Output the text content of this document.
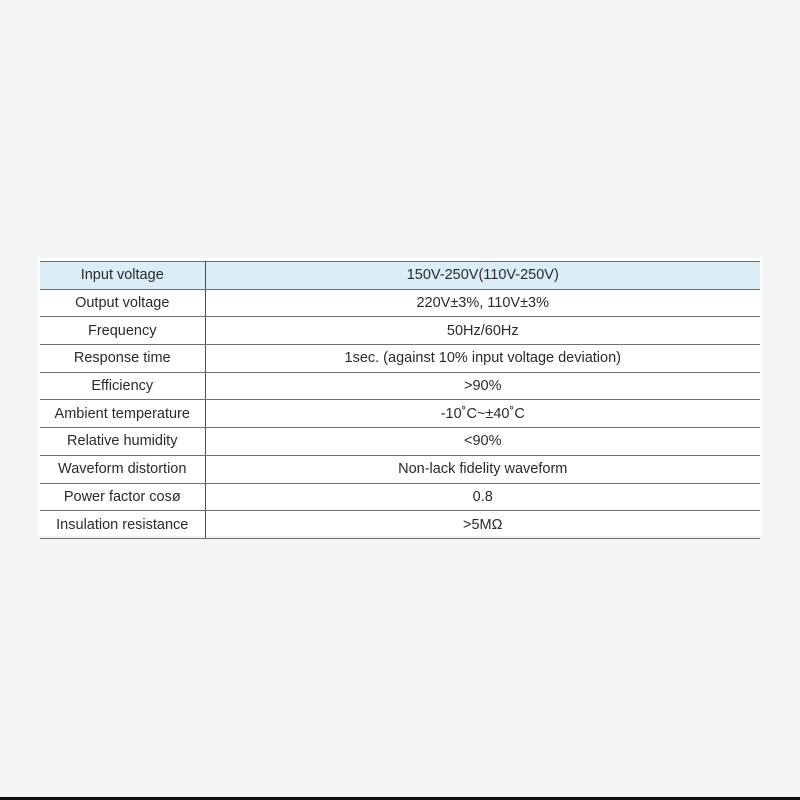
Input voltage	150V-250V(110V-250V)
Output voltage	220V±3%, 110V±3%
Frequency	50Hz/60Hz
Response time	1sec. (against 10% input voltage deviation)
Efficiency	>90%
Ambient temperature	-10˚C~±40˚C
Relative humidity	<90%
Waveform distortion	Non-lack fidelity waveform
Power factor cosø	0.8
Insulation resistance	>5MΩ
